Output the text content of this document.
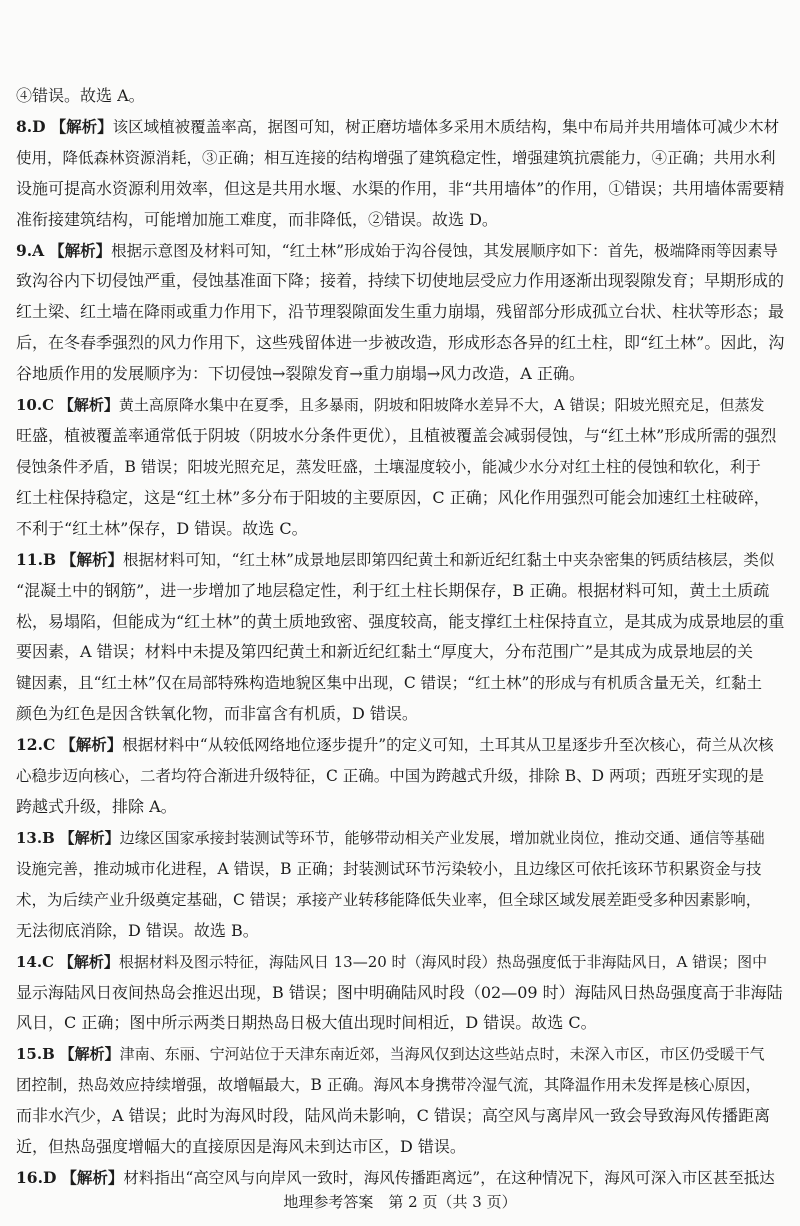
地理参考答案　第 2 页（共 3 页）
④错误。故选 A。
8.D 【解析】该区域植被覆盖率高，据图可知，树正磨坊墙体多采用木质结构，集中布局并共用墙体可减少木材
使用，降低森林资源消耗，③正确；相互连接的结构增强了建筑稳定性，增强建筑抗震能力，④正确；共用水利
设施可提高水资源利用效率，但这是共用水堰、水渠的作用，非“共用墙体”的作用，①错误；共用墙体需要精
准衔接建筑结构，可能增加施工难度，而非降低，②错误。故选 D。
9.A 【解析】根据示意图及材料可知，“红土林”形成始于沟谷侵蚀，其发展顺序如下：首先，极端降雨等因素导
致沟谷内下切侵蚀严重，侵蚀基准面下降；接着，持续下切使地层受应力作用逐渐出现裂隙发育；早期形成的
红土梁、红土墙在降雨或重力作用下，沿节理裂隙面发生重力崩塌，残留部分形成孤立台状、柱状等形态；最
后，在冬春季强烈的风力作用下，这些残留体进一步被改造，形成形态各异的红土柱，即“红土林”。因此，沟
谷地质作用的发展顺序为：下切侵蚀→裂隙发育→重力崩塌→风力改造，A 正确。
10.C 【解析】黄土高原降水集中在夏季，且多暴雨，阴坡和阳坡降水差异不大，A 错误；阳坡光照充足，但蒸发
旺盛，植被覆盖率通常低于阴坡（阴坡水分条件更优），且植被覆盖会减弱侵蚀，与“红土林”形成所需的强烈
侵蚀条件矛盾，B 错误；阳坡光照充足，蒸发旺盛，土壤湿度较小，能减少水分对红土柱的侵蚀和软化，利于
红土柱保持稳定，这是“红土林”多分布于阳坡的主要原因，C 正确；风化作用强烈可能会加速红土柱破碎，
不利于“红土林”保存，D 错误。故选 C。
11.B 【解析】根据材料可知，“红土林”成景地层即第四纪黄土和新近纪红黏土中夹杂密集的钙质结核层，类似
“混凝土中的钢筋”，进一步增加了地层稳定性，利于红土柱长期保存，B 正确。根据材料可知，黄土土质疏
松，易塌陷，但能成为“红土林”的黄土质地致密、强度较高，能支撑红土柱保持直立，是其成为成景地层的重
要因素，A 错误；材料中未提及第四纪黄土和新近纪红黏土“厚度大，分布范围广”是其成为成景地层的关
键因素，且“红土林”仅在局部特殊构造地貌区集中出现，C 错误；“红土林”的形成与有机质含量无关，红黏土
颜色为红色是因含铁氧化物，而非富含有机质，D 错误。
12.C 【解析】根据材料中“从较低网络地位逐步提升”的定义可知，土耳其从卫星逐步升至次核心，荷兰从次核
心稳步迈向核心，二者均符合渐进升级特征，C 正确。中国为跨越式升级，排除 B、D 两项；西班牙实现的是
跨越式升级，排除 A。
13.B 【解析】边缘区国家承接封装测试等环节，能够带动相关产业发展，增加就业岗位，推动交通、通信等基础
设施完善，推动城市化进程，A 错误，B 正确；封装测试环节污染较小，且边缘区可依托该环节积累资金与技
术，为后续产业升级奠定基础，C 错误；承接产业转移能降低失业率，但全球区域发展差距受多种因素影响，
无法彻底消除，D 错误。故选 B。
14.C 【解析】根据材料及图示特征，海陆风日 13—20 时（海风时段）热岛强度低于非海陆风日，A 错误；图中
显示海陆风日夜间热岛会推迟出现，B 错误；图中明确陆风时段（02—09 时）海陆风日热岛强度高于非海陆
风日，C 正确；图中所示两类日期热岛日极大值出现时间相近，D 错误。故选 C。
15.B 【解析】津南、东丽、宁河站位于天津东南近郊，当海风仅到达这些站点时，未深入市区，市区仍受暖干气
团控制，热岛效应持续增强，故增幅最大，B 正确。海风本身携带冷湿气流，其降温作用未发挥是核心原因，
而非水汽少，A 错误；此时为海风时段，陆风尚未影响，C 错误；高空风与离岸风一致会导致海风传播距离
近，但热岛强度增幅大的直接原因是海风未到达市区，D 错误。
16.D 【解析】材料指出“高空风与向岸风一致时，海风传播距离远”，在这种情况下，海风可深入市区甚至抵达
